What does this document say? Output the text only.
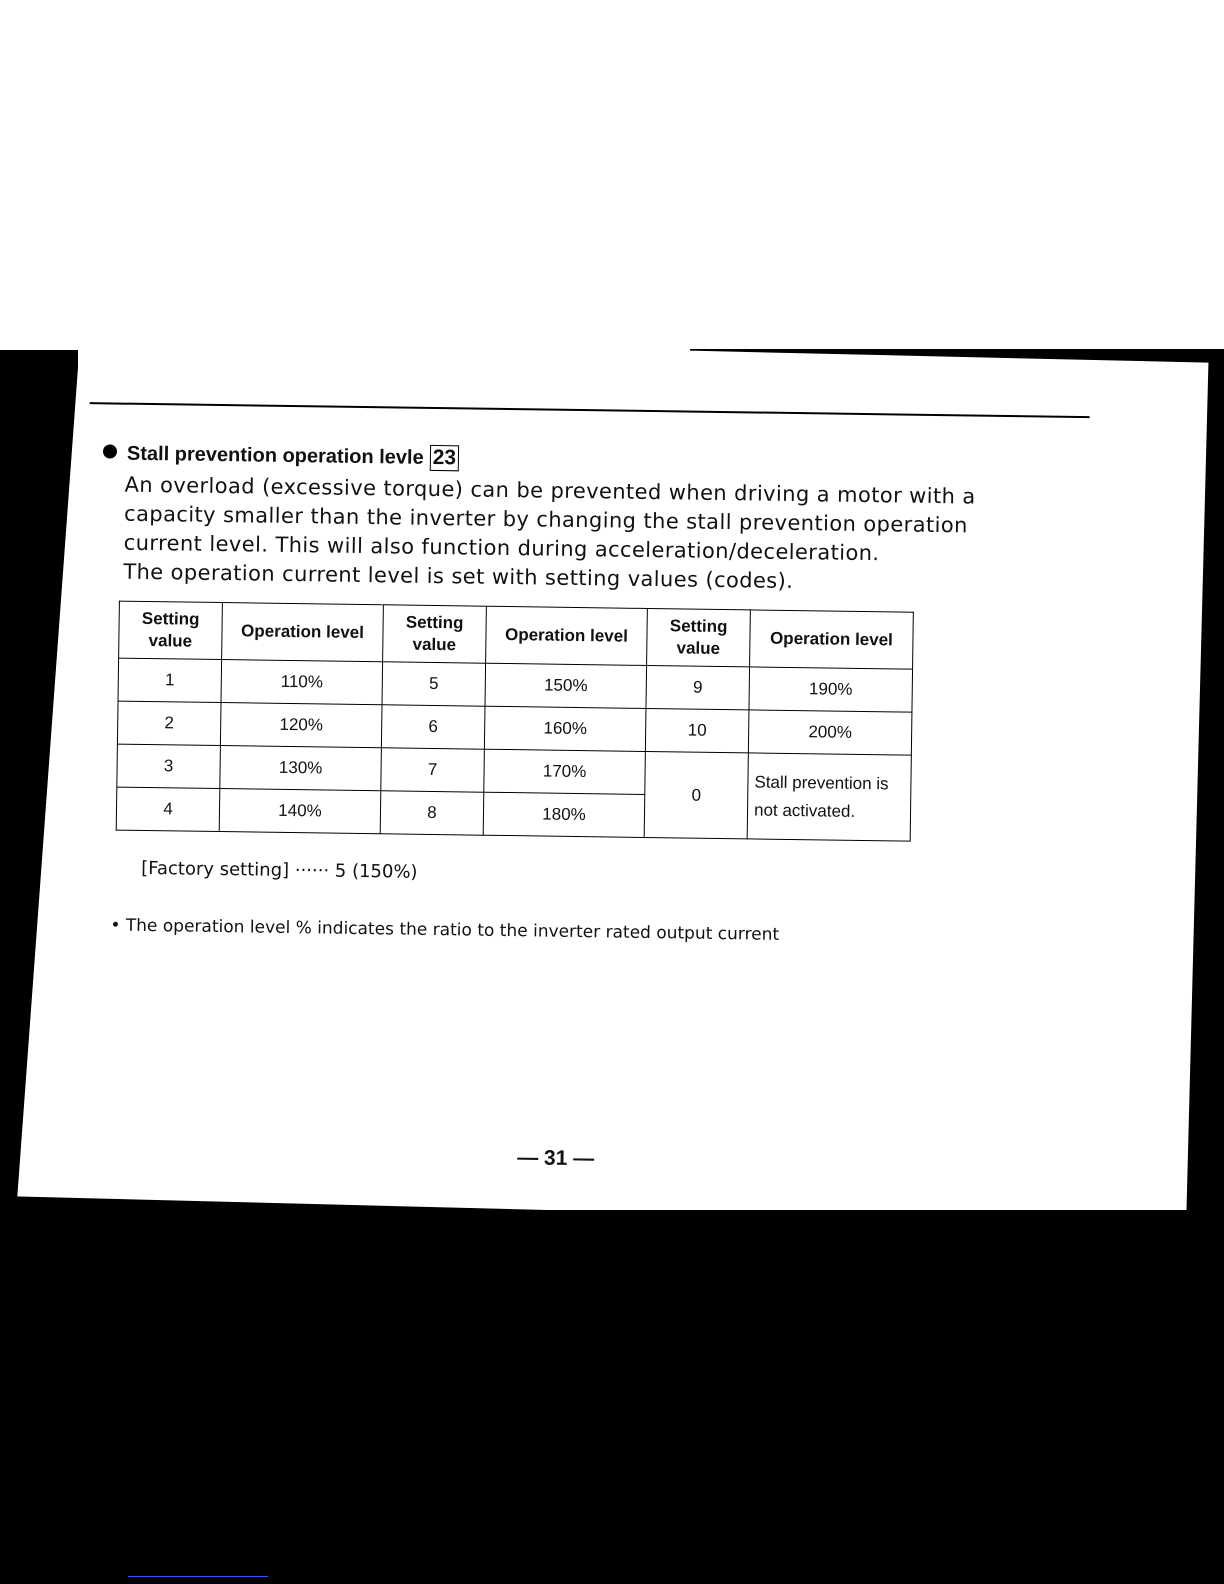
Stall prevention operation levle 23

An overload (excessive torque) can be prevented when driving a motor with a

capacity smaller than the inverter by changing the stall prevention operation

current level. This will also function during acceleration/deceleration.

The operation current level is set with setting values (codes).

Setting value	Operation level	Setting value	Operation level	Setting value	Operation level
1	110%	5	150%	9	190%
2	120%	6	160%	10	200%
3	130%	7	170%	0	Stall prevention is not activated.
4	140%	8	180%		
[Factory setting] ······ 5 (150%)
• The operation level % indicates the ratio to the inverter rated output current
— 31 —
